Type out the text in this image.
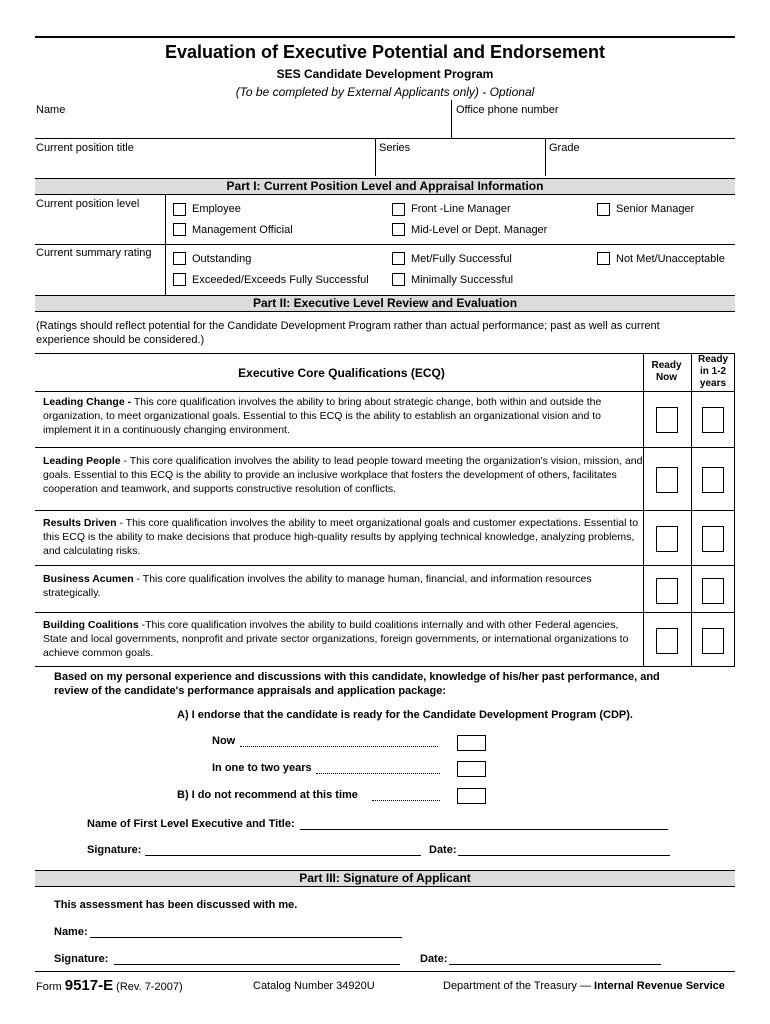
Evaluation of Executive Potential and Endorsement
SES Candidate Development Program
(To be completed by External Applicants only) - Optional
Name	Office phone number
Current position title	Series	Grade
Part I: Current Position Level and Appraisal Information
Current position level	Employee	Front -Line Manager	Senior Manager
Management Official	Mid-Level or Dept. Manager
Current summary rating	Outstanding	Met/Fully Successful	Not Met/Unacceptable
Exceeded/Exceeds Fully Successful	Minimally Successful
Part II: Executive Level Review and Evaluation
(Ratings should reflect potential for the Candidate Development Program rather than actual performance; past as well as current experience should be considered.)
Executive Core Qualifications (ECQ)
Ready Now
Ready in 1-2 years
Leading Change - This core qualification involves the ability to bring about strategic change, both within and outside the organization, to meet organizational goals. Essential to this ECQ is the ability to establish an organizational vision and to implement it in a continuously changing environment.
Leading People - This core qualification involves the ability to lead people toward meeting the organization's vision, mission, and goals. Essential to this ECQ is the ability to provide an inclusive workplace that fosters the development of others, facilitates cooperation and teamwork, and supports constructive resolution of conflicts.
Results Driven - This core qualification involves the ability to meet organizational goals and customer expectations. Essential to this ECQ is the ability to make decisions that produce high-quality results by applying technical knowledge, analyzing problems, and calculating risks.
Business Acumen - This core qualification involves the ability to manage human, financial, and information resources strategically.
Building Coalitions -This core qualification involves the ability to build coalitions internally and with other Federal agencies, State and local governments, nonprofit and private sector organizations, foreign governments, or international organizations to achieve common goals.
Based on my personal experience and discussions with this candidate, knowledge of his/her past performance, and review of the candidate's performance appraisals and application package:
A) I endorse that the candidate is ready for the Candidate Development Program (CDP).
Now
In one to two years
B) I do not recommend at this time
Name of First Level Executive and Title:
Signature:	Date:
Part III: Signature of Applicant
This assessment has been discussed with me.
Name:
Signature:	Date:
Form 9517-E (Rev. 7-2007)	Catalog Number 34920U	Department of the Treasury — Internal Revenue Service
